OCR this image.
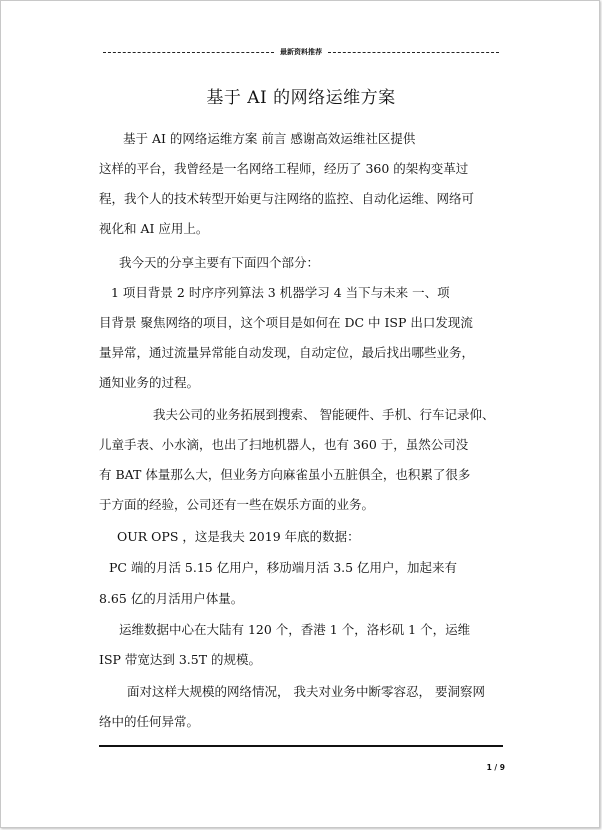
最新资料推荐
基于 AI 的网络运维方案
基于 AI 的网络运维方案 前言 感谢高效运维社区提供
这样的平台，我曾经是一名网络工程师，经历了 360 的架构变革过
程，我个人的技术转型开始更与注网络的监控、自动化运维、网络可
视化和 AI 应用上。
我今天的分享主要有下面四个部分：
1 项目背景 2 时序序列算法 3 机器学习 4 当下与未来 一、项
目背景 聚焦网络的项目，这个项目是如何在 DC 中 ISP 出口发现流
量异常，通过流量异常能自动发现，自动定位，最后找出哪些业务，
通知业务的过程。
我夫公司的业务拓展到搜索、 智能硬件、手机、行车记录仰、
儿童手表、小水滴，也出了扫地机器人，也有 360 于，虽然公司没
有 BAT 体量那么大，但业务方向麻雀虽小五脏俱全，也积累了很多
于方面的经验，公司还有一些在娱乐方面的业务。
OUR OPS ，这是我夫 2019 年底的数据：
PC 端的月活 5.15 亿用户，移劢端月活 3.5 亿用户，加起来有
8.65 亿的月活用户体量。
运维数据中心在大陆有 120 个，香港 1 个，洛杉矶 1 个，运维
ISP 带宽达到 3.5T 的规模。
面对这样大规模的网络情况， 我夫对业务中断零容忍， 要洞察网
络中的任何异常。
1 / 9
